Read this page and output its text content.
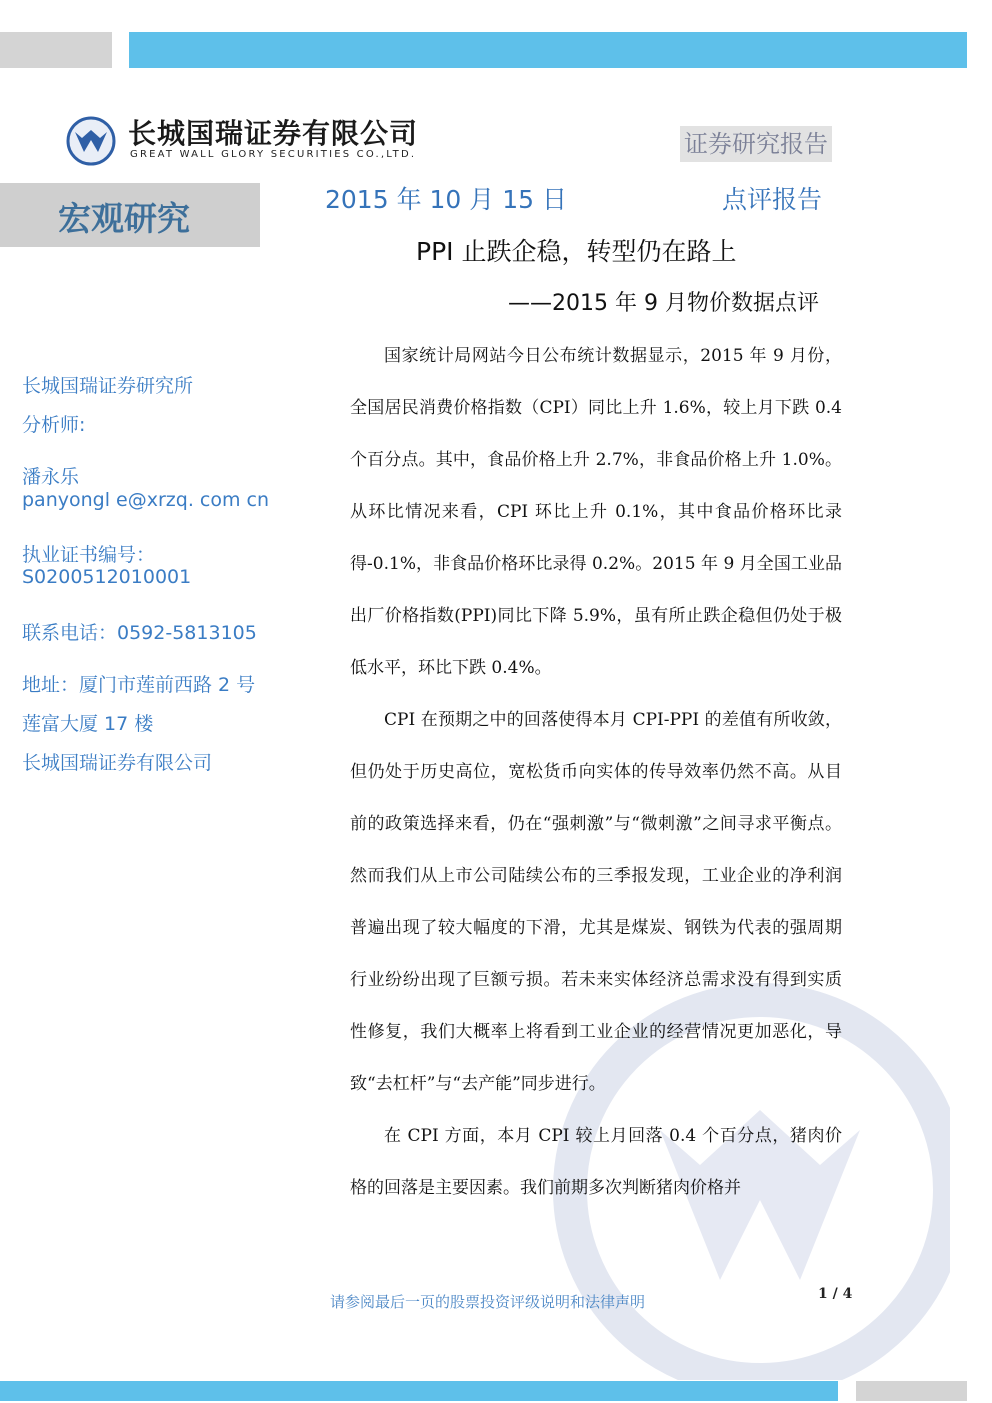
长城国瑞证券有限公司
GREAT WALL GLORY SECURITIES CO.,LTD.	证券研究报告
宏观研究	2015 年 10 月 15 日	点评报告
PPI 止跌企稳，转型仍在路上
——2015 年 9 月物价数据点评
长城国瑞证券研究所
分析师:
潘永乐
panyongl e@xrzq. com cn
执业证书编号：
S0200512010001
联系电话：0592-5813105
地址：厦门市莲前西路 2 号
莲富大厦 17 楼
长城国瑞证券有限公司

国家统计局网站今日公布统计数据显示，2015 年 9 月份，全国居民消费价格指数（CPI）同比上升 1.6%，较上月下跌 0.4 个百分点。其中，食品价格上升 2.7%，非食品价格上升 1.0%。从环比情况来看，CPI 环比上升 0.1%，其中食品价格环比录得-0.1%，非食品价格环比录得 0.2%。2015 年 9 月全国工业品出厂价格指数(PPI)同比下降 5.9%，虽有所止跌企稳但仍处于极低水平，环比下跌 0.4%。

CPI 在预期之中的回落使得本月 CPI-PPI 的差值有所收敛，但仍处于历史高位，宽松货币向实体的传导效率仍然不高。从目前的政策选择来看，仍在“强刺激”与“微刺激”之间寻求平衡点。然而我们从上市公司陆续公布的三季报发现，工业企业的净利润普遍出现了较大幅度的下滑，尤其是煤炭、钢铁为代表的强周期行业纷纷出现了巨额亏损。若未来实体经济总需求没有得到实质性修复，我们大概率上将看到工业企业的经营情况更加恶化，导致“去杠杆”与“去产能”同步进行。

在 CPI 方面，本月 CPI 较上月回落 0.4 个百分点，猪肉价格的回落是主要因素。我们前期多次判断猪肉价格并

请参阅最后一页的股票投资评级说明和法律声明	1 / 4
